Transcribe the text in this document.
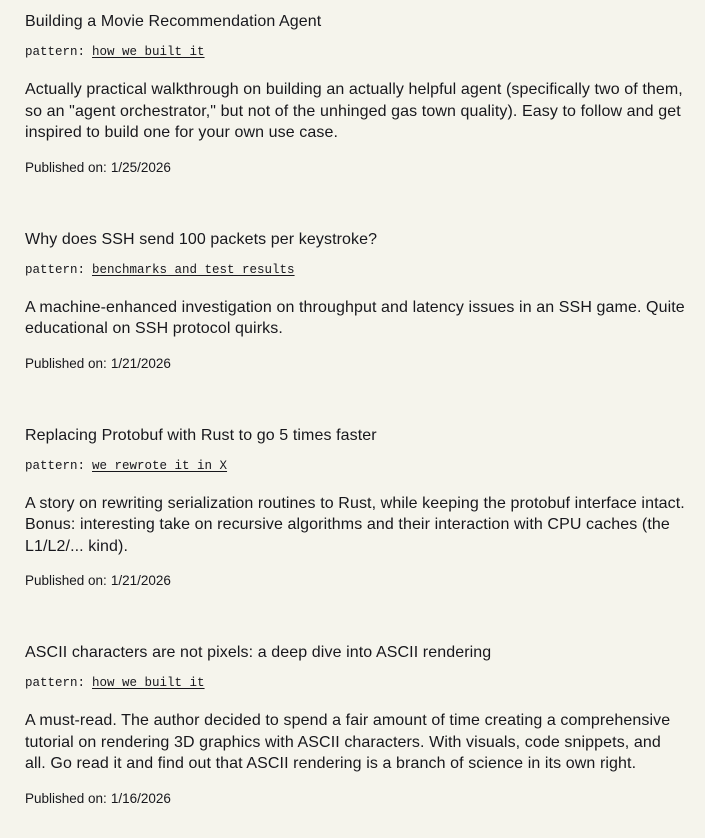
Building a Movie Recommendation Agent

pattern: how we built it

Actually practical walkthrough on building an actually helpful agent (specifically two of them, so an "agent orchestrator," but not of the unhinged gas town quality). Easy to follow and get inspired to build one for your own use case.

Published on: 1/25/2026

Why does SSH send 100 packets per keystroke?

pattern: benchmarks and test results

A machine-enhanced investigation on throughput and latency issues in an SSH game. Quite educational on SSH protocol quirks.

Published on: 1/21/2026

Replacing Protobuf with Rust to go 5 times faster

pattern: we rewrote it in X

A story on rewriting serialization routines to Rust, while keeping the protobuf interface intact. Bonus: interesting take on recursive algorithms and their interaction with CPU caches (the L1/L2/... kind).

Published on: 1/21/2026

ASCII characters are not pixels: a deep dive into ASCII rendering

pattern: how we built it

A must-read. The author decided to spend a fair amount of time creating a comprehensive tutorial on rendering 3D graphics with ASCII characters. With visuals, code snippets, and all. Go read it and find out that ASCII rendering is a branch of science in its own right.

Published on: 1/16/2026
